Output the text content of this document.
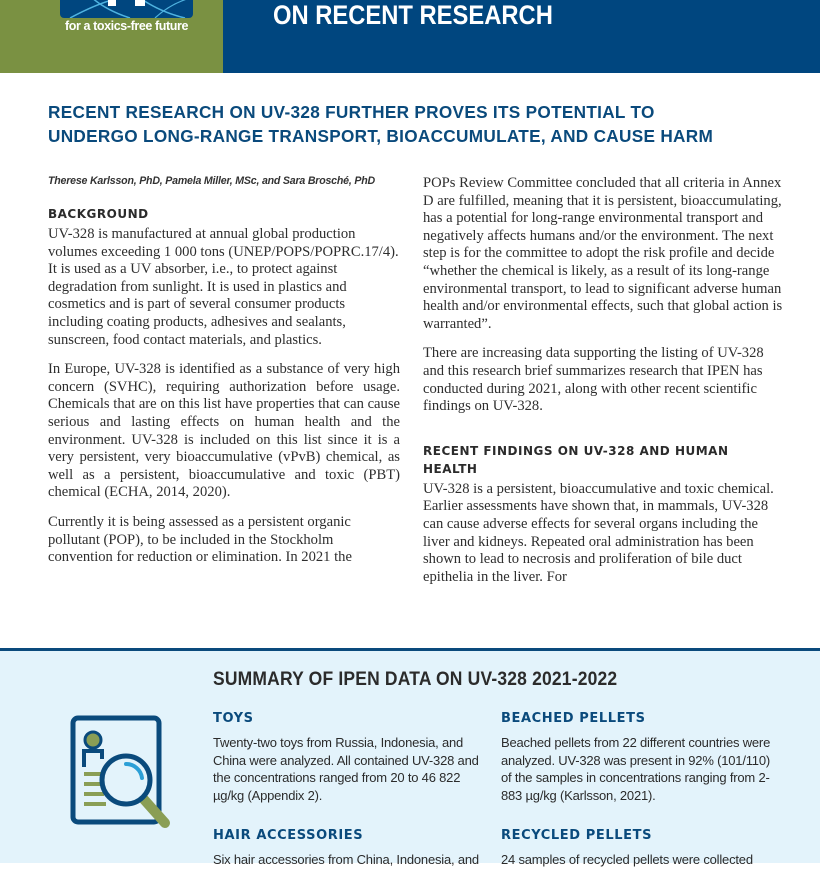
for a toxics-free future	ON RECENT RESEARCH
RECENT RESEARCH ON UV-328 FURTHER PROVES ITS POTENTIAL TO
UNDERGO LONG-RANGE TRANSPORT, BIOACCUMULATE, AND CAUSE HARM
Therese Karlsson, PhD, Pamela Miller, MSc, and Sara Brosché, PhD
BACKGROUND

UV-328 is manufactured at annual global production volumes exceeding 1 000 tons (UNEP/POPS/POPRC.17/4). It is used as a UV absorber, i.e., to protect against degradation from sunlight. It is used in plastics and cosmetics and is part of several consumer products including coating products, adhesives and sealants, sunscreen, food contact materials, and plastics.

In Europe, UV-328 is identified as a substance of very high concern (SVHC), requiring authorization before usage. Chemicals that are on this list have properties that can cause serious and lasting effects on human health and the environment. UV-328 is included on this list since it is a very persistent, very bioaccumulative (vPvB) chemical, as well as a persistent, bioaccumulative and toxic (PBT) chemical (ECHA, 2014, 2020).

Currently it is being assessed as a persistent organic pollutant (POP), to be included in the Stockholm convention for reduction or elimination. In 2021 the

POPs Review Committee concluded that all criteria in Annex D are fulfilled, meaning that it is persistent, bioaccumulating, has a potential for long-range environmental transport and negatively affects humans and/or the environment. The next step is for the committee to adopt the risk profile and decide “whether the chemical is likely, as a result of its long-range environmental transport, to lead to significant adverse human health and/or environmental effects, such that global action is warranted”.

There are increasing data supporting the listing of UV-328 and this research brief summarizes research that IPEN has conducted during 2021, along with other recent scientific findings on UV-328.

RECENT FINDINGS ON UV-328 AND HUMAN HEALTH

UV-328 is a persistent, bioaccumulative and toxic chemical. Earlier assessments have shown that, in mammals, UV-328 can cause adverse effects for several organs including the liver and kidneys. Repeated oral administration has been shown to lead to necrosis and proliferation of bile duct epithelia in the liver. For

SUMMARY OF IPEN DATA ON UV-328 2021-2022
TOYS

Twenty-two toys from Russia, Indonesia, and China were analyzed. All contained UV-328 and the concentrations ranged from 20 to 46 822 µg/kg (Appendix 2).

BEACHED PELLETS

Beached pellets from 22 different countries were analyzed. UV-328 was present in 92% (101/110) of the samples in concentrations ranging from 2-883 µg/kg (Karlsson, 2021).

HAIR ACCESSORIES

Six hair accessories from China, Indonesia, and

RECYCLED PELLETS

24 samples of recycled pellets were collected
